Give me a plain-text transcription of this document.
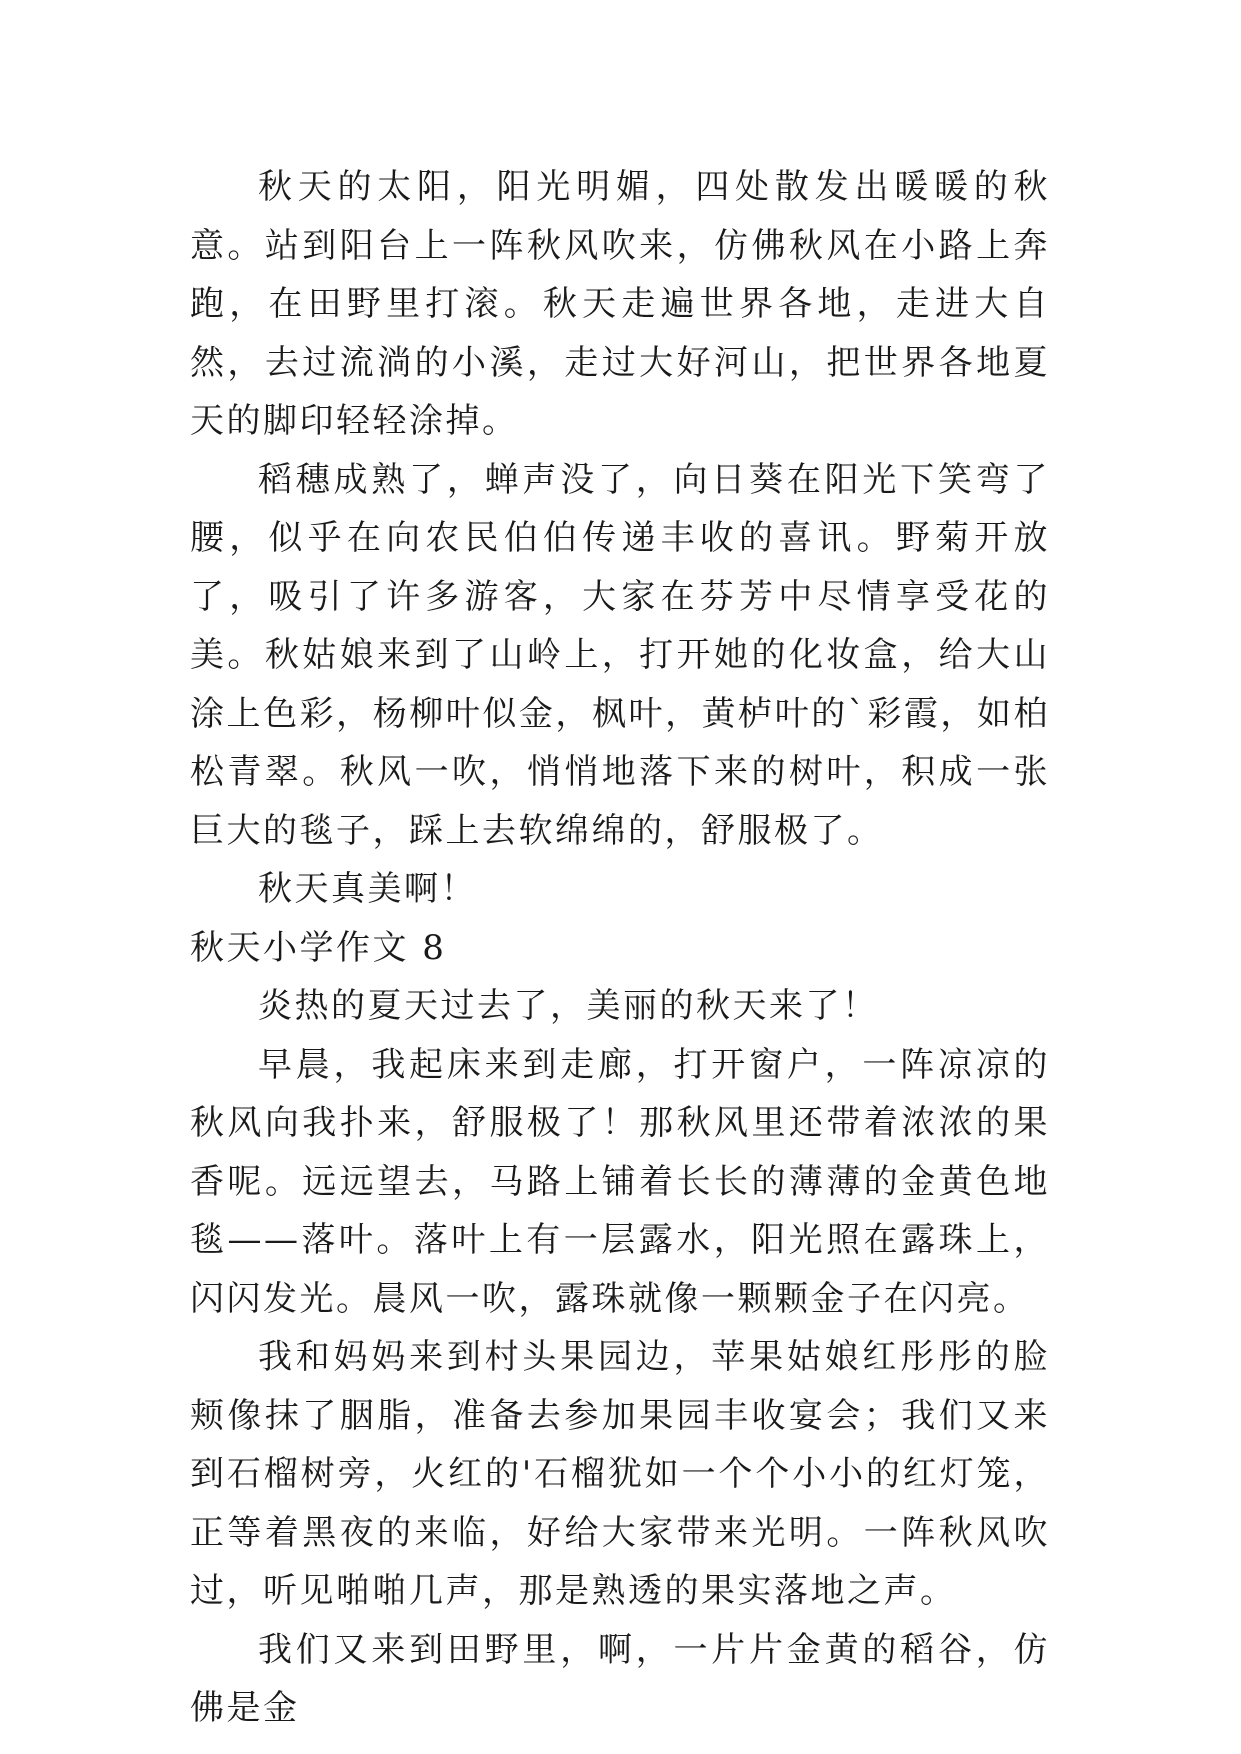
秋天的太阳，阳光明媚，四处散发出暖暖的秋意。站到阳台上一阵秋风吹来，仿佛秋风在小路上奔跑，在田野里打滚。秋天走遍世界各地，走进大自然，去过流淌的小溪，走过大好河山，把世界各地夏天的脚印轻轻涂掉。

稻穗成熟了，蝉声没了，向日葵在阳光下笑弯了腰，似乎在向农民伯伯传递丰收的喜讯。野菊开放了，吸引了许多游客，大家在芬芳中尽情享受花的美。秋姑娘来到了山岭上，打开她的化妆盒，给大山涂上色彩，杨柳叶似金，枫叶，黄栌叶的`彩霞，如柏松青翠。秋风一吹，悄悄地落下来的树叶，积成一张巨大的毯子，踩上去软绵绵的，舒服极了。

秋天真美啊！

秋天小学作文 8

炎热的夏天过去了，美丽的秋天来了！

早晨，我起床来到走廊，打开窗户，一阵凉凉的秋风向我扑来，舒服极了！那秋风里还带着浓浓的果香呢。远远望去，马路上铺着长长的薄薄的金黄色地毯——落叶。落叶上有一层露水，阳光照在露珠上，闪闪发光。晨风一吹，露珠就像一颗颗金子在闪亮。

我和妈妈来到村头果园边，苹果姑娘红彤彤的脸颊像抹了胭脂，准备去参加果园丰收宴会；我们又来到石榴树旁，火红的'石榴犹如一个个小小的红灯笼，正等着黑夜的来临，好给大家带来光明。一阵秋风吹过，听见啪啪几声，那是熟透的果实落地之声。

我们又来到田野里，啊，一片片金黄的稻谷，仿佛是金
